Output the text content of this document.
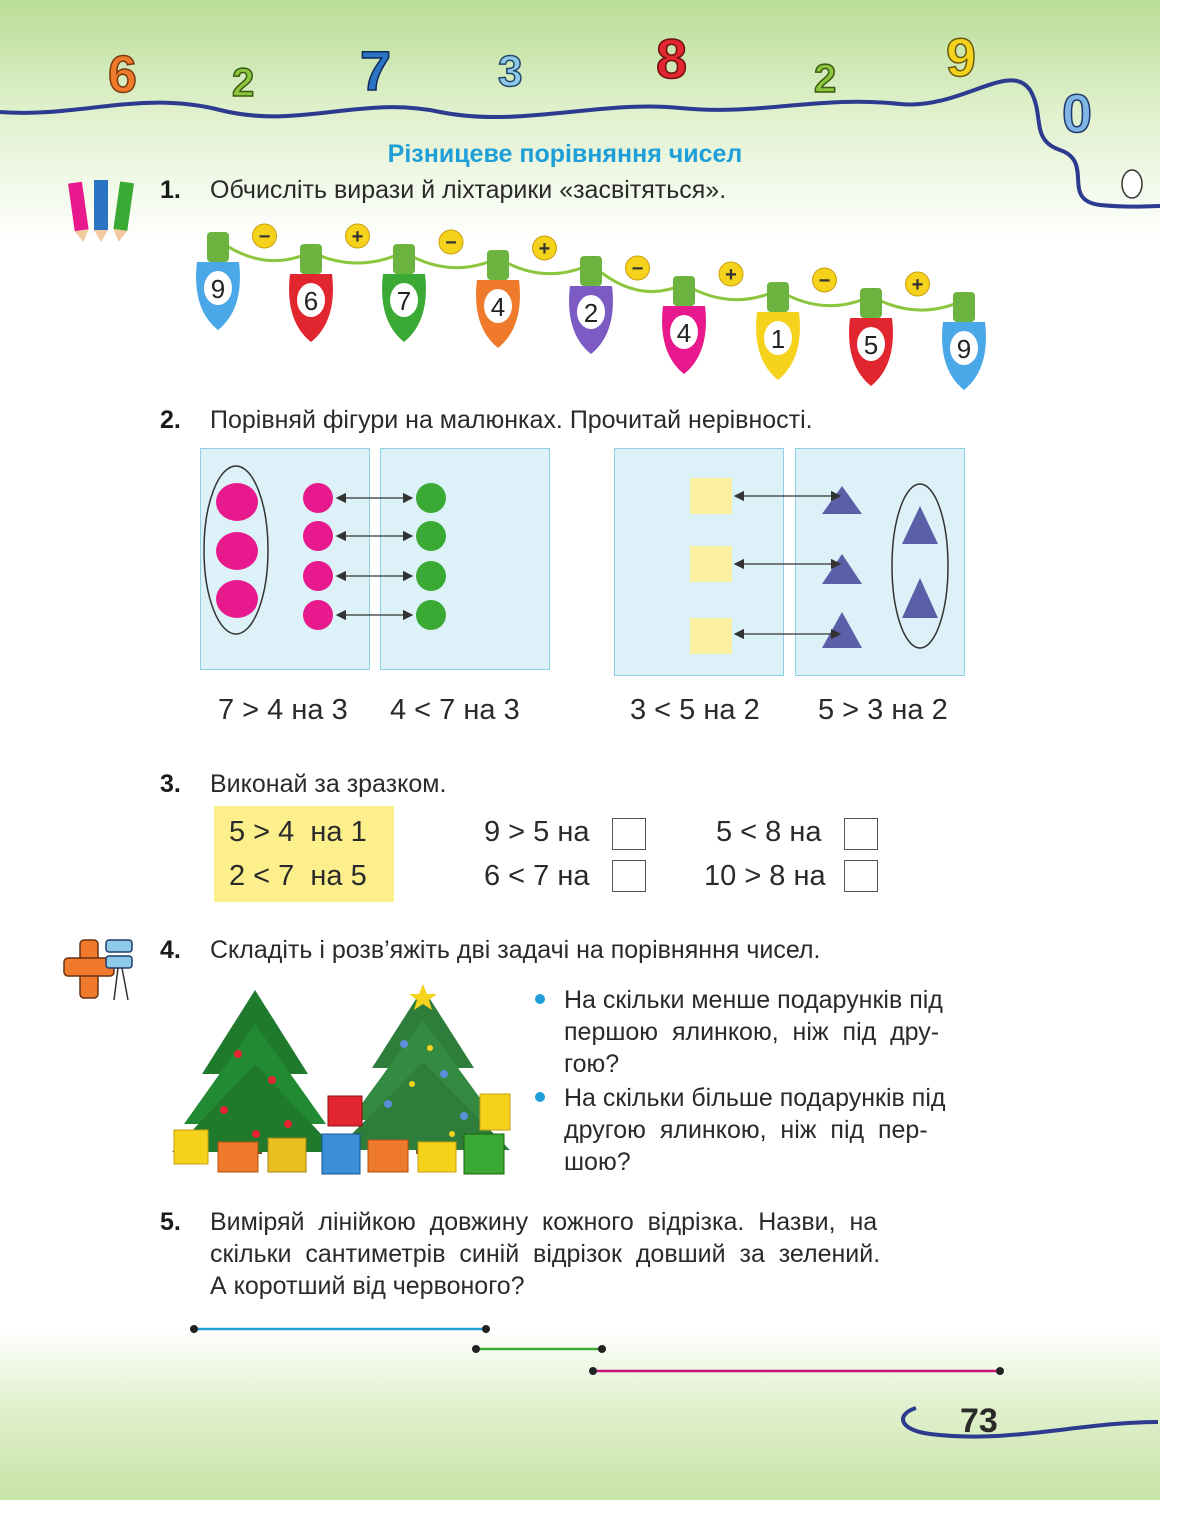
6 2 7 3 8	2 9
0
Різницеве порівняння чисел
1. Обчисліть вирази й ліхтарики «засвітяться».
9	6	7	4	2
4	1	5	9
−	+	−	+
−	+	−	+
2. Порівняй фігури на малюнках. Прочитай нерівності.
7 > 4 на 3 4 < 7 на 3	3 < 5 на 2 5 > 3 на 2
3. Виконай за зразком.
5 > 4  на 1
2 < 7  на 5
9 > 5 на	5 < 8 на
6 < 7 на	10 > 8 на
4. Складіть і розв’яжіть дві задачі на порівняння чисел.
На скільки менше подарунків під
першою  ялинкою,  ніж  під  дру-
гою?
На скільки більше подарунків під
другою  ялинкою,  ніж  під  пер-
шою?
5. Виміряй  лінійкою  довжину  кожного  відрізка.  Назви,  на
скільки  сантиметрів  синій  відрізок  довший  за  зелений.
А коротший від червоного?
73
